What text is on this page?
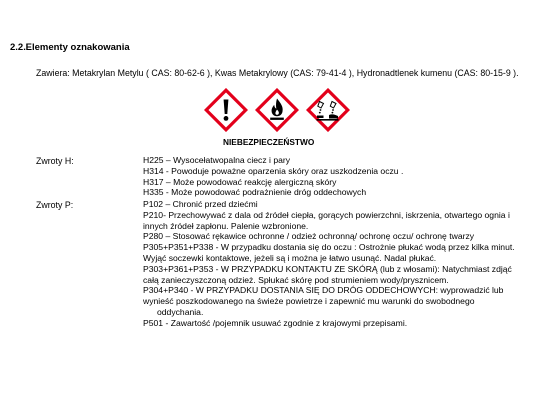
2.2. Elementy oznakowania
Zawiera: Metakrylan Metylu ( CAS: 80-62-6 ), Kwas Metakrylowy (CAS: 79-41-4 ), Hydronadtlenek kumenu (CAS: 80-15-9 ).
NIEBEZPIECZEŃSTWO
Zwroty H:	H225 – Wysocełatwopalna ciecz i pary
H314 - Powoduje poważne oparzenia skóry oraz uszkodzenia oczu .
H317 – Może powodować reakcję alergiczną skóry
H335 - Może powodować podrażnienie dróg oddechowych
Zwroty P:	P102 – Chronić przed dziećmi
P210- Przechowywać z dala od źródeł ciepła, gorących powierzchni, iskrzenia, otwartego ognia i
innych źródeł zapłonu. Palenie wzbronione.
P280 – Stosować rękawice ochronne / odzież ochronną/ ochronę oczu/ ochronę twarzy
P305+P351+P338 - W przypadku dostania się do oczu : Ostrożnie płukać wodą przez kilka minut.
Wyjąć soczewki kontaktowe, jeżeli są i można je łatwo usunąć. Nadal płukać.
P303+P361+P353 - W PRZYPADKU KONTAKTU ZE SKÓRĄ (lub z włosami): Natychmiast zdjąć
całą zanieczyszczoną odzież. Spłukać skórę pod strumieniem wody/prysznicem.
P304+P340 - W PRZYPADKU DOSTANIA SIĘ DO DRÓG ODDECHOWYCH: wyprowadzić lub
wynieść poszkodowanego na świeże powietrze i zapewnić mu warunki do swobodnego
oddychania.
P501 - Zawartość /pojemnik usuwać zgodnie z krajowymi przepisami.
